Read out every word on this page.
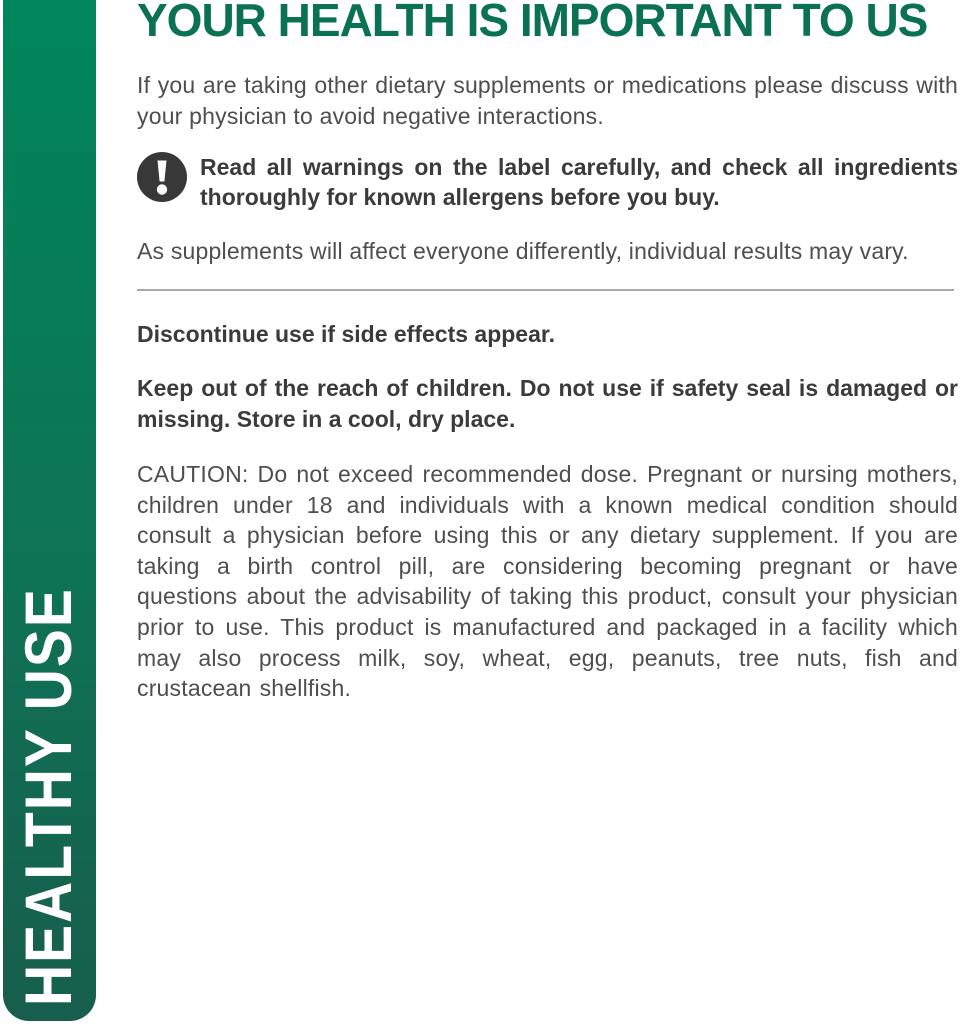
HEALTHY USE
YOUR HEALTH IS IMPORTANT TO US

If you are taking other dietary supplements or medications please discuss with your physician to avoid negative interactions.

Read all warnings on the label carefully, and check all ingredients thoroughly for known allergens before you buy.

As supplements will affect everyone differently, individual results may vary.

Discontinue use if side effects appear.

Keep out of the reach of children. Do not use if safety seal is damaged or missing. Store in a cool, dry place.

CAUTION: Do not exceed recommended dose. Pregnant or nursing mothers, children under 18 and individuals with a known medical condition should consult a physician before using this or any dietary supplement. If you are taking a birth control pill, are considering becoming pregnant or have questions about the advisability of taking this product, consult your physician prior to use. This product is manufactured and packaged in a facility which may also process milk, soy, wheat, egg, peanuts, tree nuts, fish and crustacean shellfish.
